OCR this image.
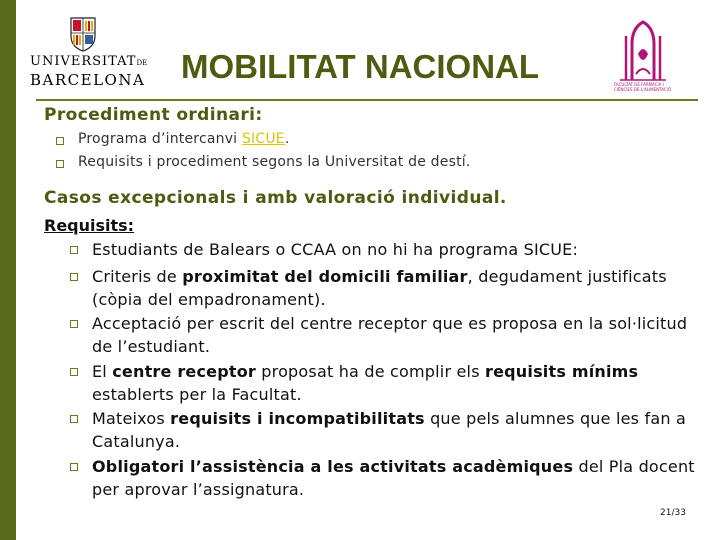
UNIVERSITATDE
BARCELONA	MOBILITAT NACIONAL	FACULTAT DE FARMÀCIA I CIÈNCIES DE L'ALIMENTACIÓ
Procediment ordinari:
Programa d’intercanvi SICUE.
Requisits i procediment segons la Universitat de destí.
Casos excepcionals i amb valoració individual.
Requisits:
Estudiants de Balears o CCAA on no hi ha programa SICUE:
Criteris de proximitat del domicili familiar, degudament justificats (còpia del empadronament).
Acceptació per escrit del centre receptor que es proposa en la sol·licitud de l’estudiant.
El centre receptor proposat ha de complir els requisits mínims establerts per la Facultat.
Mateixos requisits i incompatibilitats que pels alumnes que les fan a Catalunya.
Obligatori l’assistència a les activitats acadèmiques del Pla docent per aprovar l’assignatura.
21/33
